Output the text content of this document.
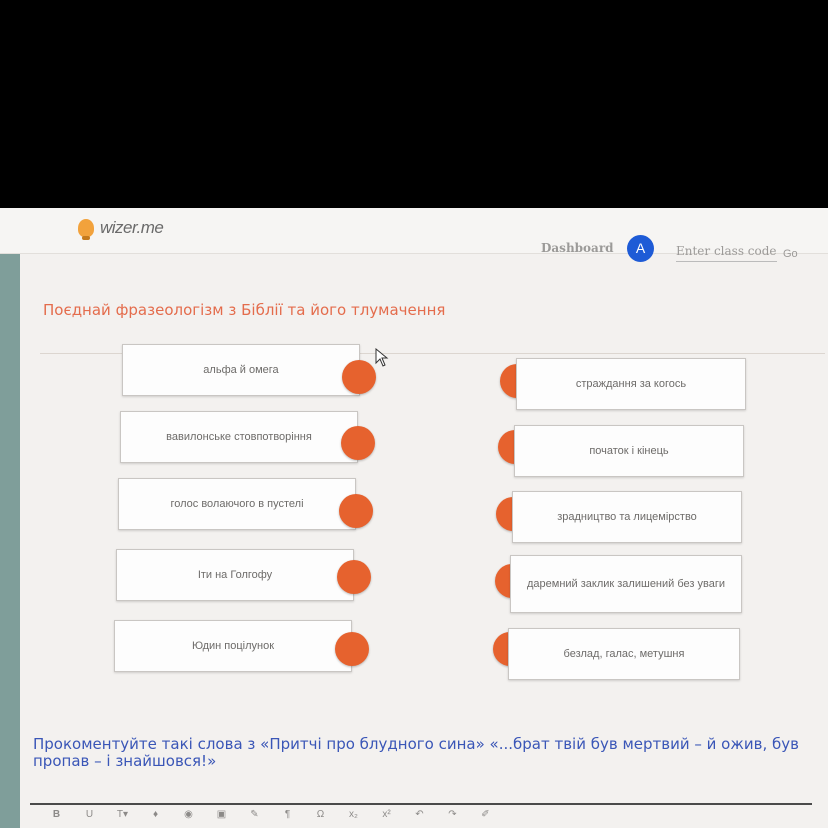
wizer.me
Dashboard	A	Enter class code Go
Поєднай фразеологізм з Біблії та його тлумачення
альфа й омега
вавилонське стовпотворіння
голос волаючого в пустелі
Іти на Голгофу
Юдин поцілунок
страждання за когось
початок і кінець
зрадництво та лицемірство
даремний заклик залишений без уваги
безлад, галас, метушня
Прокоментуйте такі слова з «Притчі про блудного сина» «...брат твій був мертвий – й ожив, був пропав – і знайшовся!»
B	U	T▾	♦	◉	▣	✎	¶	Ω	x₂	x²	↶	↷	✐
